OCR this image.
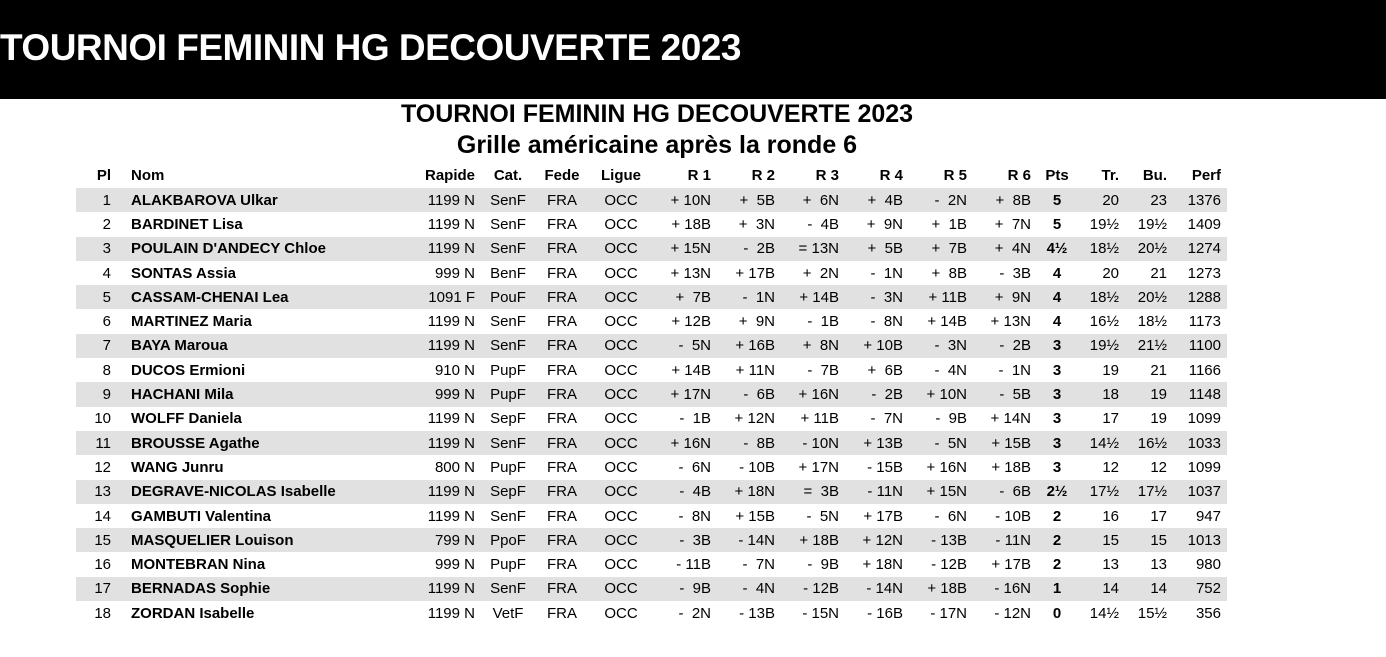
TOURNOI FEMININ HG DECOUVERTE 2023
TOURNOI FEMININ HG DECOUVERTE 2023
Grille américaine après la ronde 6
Pl	Nom	Rapide	Cat.	Fede	Ligue	R 1	R 2	R 3	R 4	R 5	R 6	Pts	Tr.	Bu.	Perf
1	ALAKBAROVA Ulkar	1199 N	SenF	FRA	OCC	+ 10N	+  5B	+  6N	+  4B	-  2N	+  8B	5	20	23	1376
2	BARDINET Lisa	1199 N	SenF	FRA	OCC	+ 18B	+  3N	-  4B	+  9N	+  1B	+  7N	5	19½	19½	1409
3	POULAIN D'ANDECY Chloe	1199 N	SenF	FRA	OCC	+ 15N	-  2B	= 13N	+  5B	+  7B	+  4N	4½	18½	20½	1274
4	SONTAS Assia	999 N	BenF	FRA	OCC	+ 13N	+ 17B	+  2N	-  1N	+  8B	-  3B	4	20	21	1273
5	CASSAM-CHENAI Lea	1091 F	PouF	FRA	OCC	+  7B	-  1N	+ 14B	-  3N	+ 11B	+  9N	4	18½	20½	1288
6	MARTINEZ Maria	1199 N	SenF	FRA	OCC	+ 12B	+  9N	-  1B	-  8N	+ 14B	+ 13N	4	16½	18½	1173
7	BAYA Maroua	1199 N	SenF	FRA	OCC	-  5N	+ 16B	+  8N	+ 10B	-  3N	-  2B	3	19½	21½	1100
8	DUCOS Ermioni	910 N	PupF	FRA	OCC	+ 14B	+ 11N	-  7B	+  6B	-  4N	-  1N	3	19	21	1166
9	HACHANI Mila	999 N	PupF	FRA	OCC	+ 17N	-  6B	+ 16N	-  2B	+ 10N	-  5B	3	18	19	1148
10	WOLFF Daniela	1199 N	SepF	FRA	OCC	-  1B	+ 12N	+ 11B	-  7N	-  9B	+ 14N	3	17	19	1099
11	BROUSSE Agathe	1199 N	SenF	FRA	OCC	+ 16N	-  8B	- 10N	+ 13B	-  5N	+ 15B	3	14½	16½	1033
12	WANG Junru	800 N	PupF	FRA	OCC	-  6N	- 10B	+ 17N	- 15B	+ 16N	+ 18B	3	12	12	1099
13	DEGRAVE-NICOLAS Isabelle	1199 N	SepF	FRA	OCC	-  4B	+ 18N	=  3B	- 11N	+ 15N	-  6B	2½	17½	17½	1037
14	GAMBUTI Valentina	1199 N	SenF	FRA	OCC	-  8N	+ 15B	-  5N	+ 17B	-  6N	- 10B	2	16	17	947
15	MASQUELIER Louison	799 N	PpoF	FRA	OCC	-  3B	- 14N	+ 18B	+ 12N	- 13B	- 11N	2	15	15	1013
16	MONTEBRAN Nina	999 N	PupF	FRA	OCC	- 11B	-  7N	-  9B	+ 18N	- 12B	+ 17B	2	13	13	980
17	BERNADAS Sophie	1199 N	SenF	FRA	OCC	-  9B	-  4N	- 12B	- 14N	+ 18B	- 16N	1	14	14	752
18	ZORDAN Isabelle	1199 N	VetF	FRA	OCC	-  2N	- 13B	- 15N	- 16B	- 17N	- 12N	0	14½	15½	356
